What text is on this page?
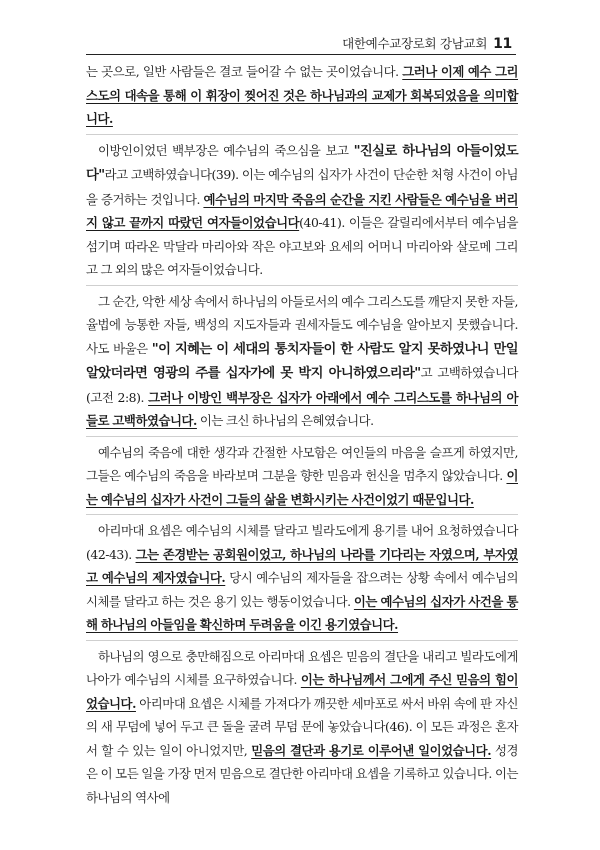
대한예수교장로회 강남교회 11

는 곳으로, 일반 사람들은 결코 들어갈 수 없는 곳이었습니다. 그러나 이제 예수 그리스도의 대속을 통해 이 휘장이 찢어진 것은 하나님과의 교제가 회복되었음을 의미합니다.

이방인이었던 백부장은 예수님의 죽으심을 보고 "진실로 하나님의 아들이었도다"라고 고백하였습니다(39). 이는 예수님의 십자가 사건이 단순한 처형 사건이 아님을 증거하는 것입니다. 예수님의 마지막 죽음의 순간을 지킨 사람들은 예수님을 버리지 않고 끝까지 따랐던 여자들이었습니다(40-41). 이들은 갈릴리에서부터 예수님을 섬기며 따라온 막달라 마리아와 작은 야고보와 요세의 어머니 마리아와 살로메 그리고 그 외의 많은 여자들이었습니다.

그 순간, 악한 세상 속에서 하나님의 아들로서의 예수 그리스도를 깨닫지 못한 자들, 율법에 능통한 자들, 백성의 지도자들과 권세자들도 예수님을 알아보지 못했습니다. 사도 바울은 "이 지혜는 이 세대의 통치자들이 한 사람도 알지 못하였나니 만일 알았더라면 영광의 주를 십자가에 못 박지 아니하였으리라"고 고백하였습니다(고전 2:8). 그러나 이방인 백부장은 십자가 아래에서 예수 그리스도를 하나님의 아들로 고백하였습니다. 이는 크신 하나님의 은혜였습니다.

예수님의 죽음에 대한 생각과 간절한 사모함은 여인들의 마음을 슬프게 하였지만, 그들은 예수님의 죽음을 바라보며 그분을 향한 믿음과 헌신을 멈추지 않았습니다. 이는 예수님의 십자가 사건이 그들의 삶을 변화시키는 사건이었기 때문입니다.

아리마대 요셉은 예수님의 시체를 달라고 빌라도에게 용기를 내어 요청하였습니다(42-43). 그는 존경받는 공회원이었고, 하나님의 나라를 기다리는 자였으며, 부자였고 예수님의 제자였습니다. 당시 예수님의 제자들을 잡으려는 상황 속에서 예수님의 시체를 달라고 하는 것은 용기 있는 행동이었습니다. 이는 예수님의 십자가 사건을 통해 하나님의 아들임을 확신하며 두려움을 이긴 용기였습니다.

하나님의 영으로 충만해짐으로 아리마대 요셉은 믿음의 결단을 내리고 빌라도에게 나아가 예수님의 시체를 요구하였습니다. 이는 하나님께서 그에게 주신 믿음의 힘이었습니다. 아리마대 요셉은 시체를 가져다가 깨끗한 세마포로 싸서 바위 속에 판 자신의 새 무덤에 넣어 두고 큰 돌을 굴려 무덤 문에 놓았습니다(46). 이 모든 과정은 혼자서 할 수 있는 일이 아니었지만, 믿음의 결단과 용기로 이루어낸 일이었습니다. 성경은 이 모든 일을 가장 먼저 믿음으로 결단한 아리마대 요셉을 기록하고 있습니다. 이는 하나님의 역사에
